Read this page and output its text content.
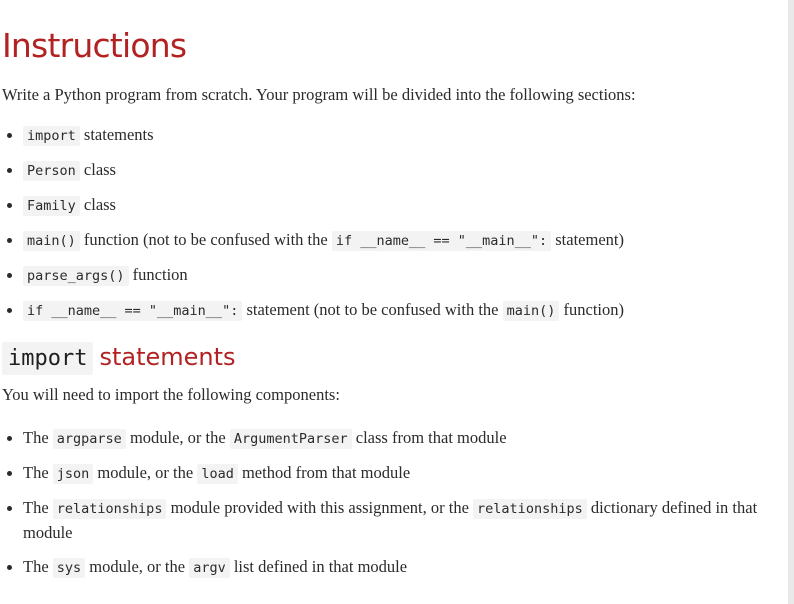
Instructions

Write a Python program from scratch. Your program will be divided into the following sections:

import statements
Person class
Family class
main() function (not to be confused with the if __name__ == "__main__": statement)
parse_args() function
if __name__ == "__main__": statement (not to be confused with the main() function)
import statements

You will need to import the following components:

The argparse module, or the ArgumentParser class from that module
The json module, or the load method from that module
The relationships module provided with this assignment, or the relationships dictionary defined in that module
The sys module, or the argv list defined in that module
